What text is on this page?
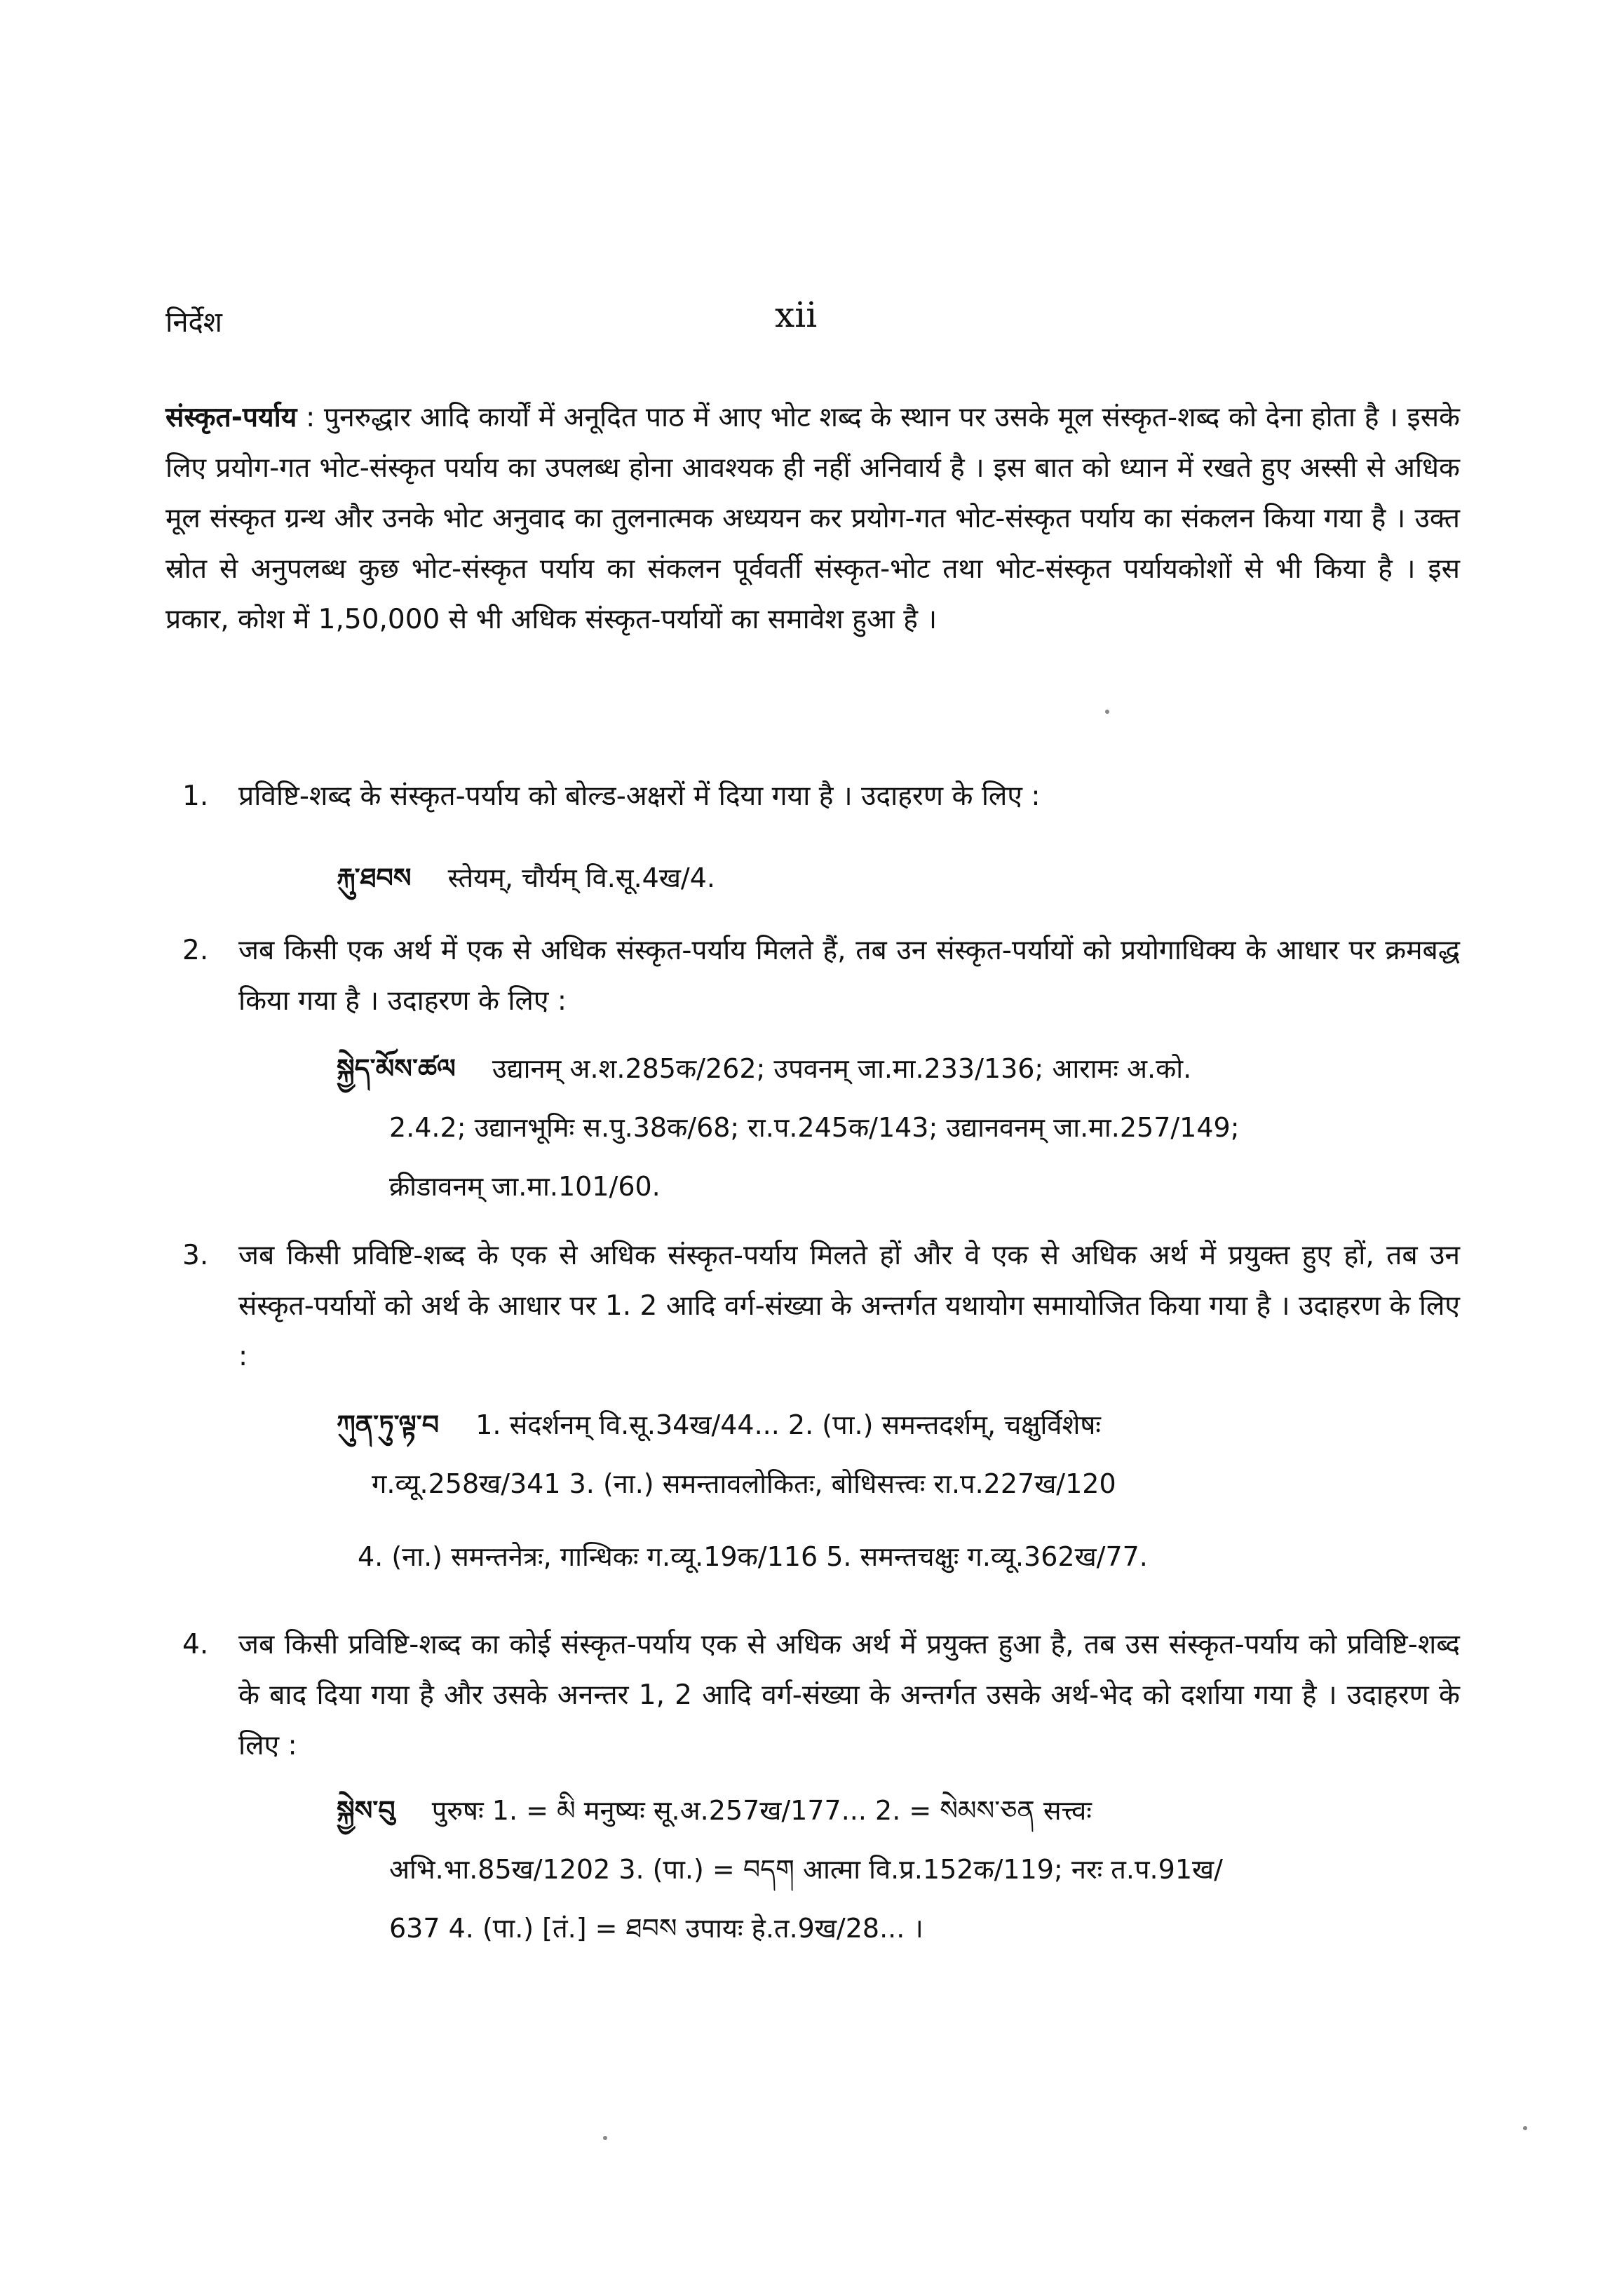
निर्देश	xii
संस्कृत-पर्याय : पुनरुद्धार आदि कार्यों में अनूदित पाठ में आए भोट शब्द के स्थान पर उसके मूल संस्कृत-शब्द को देना होता है । इसके लिए प्रयोग-गत भोट-संस्कृत पर्याय का उपलब्ध होना आवश्यक ही नहीं अनिवार्य है । इस बात को ध्यान में रखते हुए अस्सी से अधिक मूल संस्कृत ग्रन्थ और उनके भोट अनुवाद का तुलनात्मक अध्ययन कर प्रयोग-गत भोट-संस्कृत पर्याय का संकलन किया गया है । उक्त स्रोत से अनुपलब्ध कुछ भोट-संस्कृत पर्याय का संकलन पूर्ववर्ती संस्कृत-भोट तथा भोट-संस्कृत पर्यायकोशों से भी किया है । इस प्रकार, कोश में 1,50,000 से भी अधिक संस्कृत-पर्यायों का समावेश हुआ है ।
1. प्रविष्टि-शब्द के संस्कृत-पर्याय को बोल्ड-अक्षरों में दिया गया है । उदाहरण के लिए :
རྐུ་ཐབས स्तेयम्, चौर्यम् वि.सू.4ख/4.
2. जब किसी एक अर्थ में एक से अधिक संस्कृत-पर्याय मिलते हैं, तब उन संस्कृत-पर्यायों को प्रयोगाधिक्य के आधार पर क्रमबद्ध किया गया है । उदाहरण के लिए :
སྐྱེད་མོས་ཚལ उद्यानम् अ.श.285क/262; उपवनम् जा.मा.233/136; आरामः अ.को.
2.4.2; उद्यानभूमिः स.पु.38क/68; रा.प.245क/143; उद्यानवनम् जा.मा.257/149;
क्रीडावनम् जा.मा.101/60.
3. जब किसी प्रविष्टि-शब्द के एक से अधिक संस्कृत-पर्याय मिलते हों और वे एक से अधिक अर्थ में प्रयुक्त हुए हों, तब उन संस्कृत-पर्यायों को अर्थ के आधार पर 1. 2 आदि वर्ग-संख्या के अन्तर्गत यथायोग समायोजित किया गया है । उदाहरण के लिए :
ཀུན་ཏུ་ལྟ་བ 1. संदर्शनम् वि.सू.34ख/44... 2. (पा.) समन्तदर्शम्, चक्षुर्विशेषः
ग.व्यू.258ख/341 3. (ना.) समन्तावलोकितः, बोधिसत्त्वः रा.प.227ख/120
4. (ना.) समन्तनेत्रः, गान्धिकः ग.व्यू.19क/116 5. समन्तचक्षुः ग.व्यू.362ख/77.
4. जब किसी प्रविष्टि-शब्द का कोई संस्कृत-पर्याय एक से अधिक अर्थ में प्रयुक्त हुआ है, तब उस संस्कृत-पर्याय को प्रविष्टि-शब्द के बाद दिया गया है और उसके अनन्तर 1, 2 आदि वर्ग-संख्या के अन्तर्गत उसके अर्थ-भेद को दर्शाया गया है । उदाहरण के लिए :
སྐྱེས་བུ पुरुषः 1. = མི मनुष्यः सू.अ.257ख/177... 2. = སེམས་ཅན सत्त्वः
अभि.भा.85ख/1202 3. (पा.) = བདག आत्मा वि.प्र.152क/119; नरः त.प.91ख/
637 4. (पा.) [तं.] = ཐབས उपायः हे.त.9ख/28... ।
